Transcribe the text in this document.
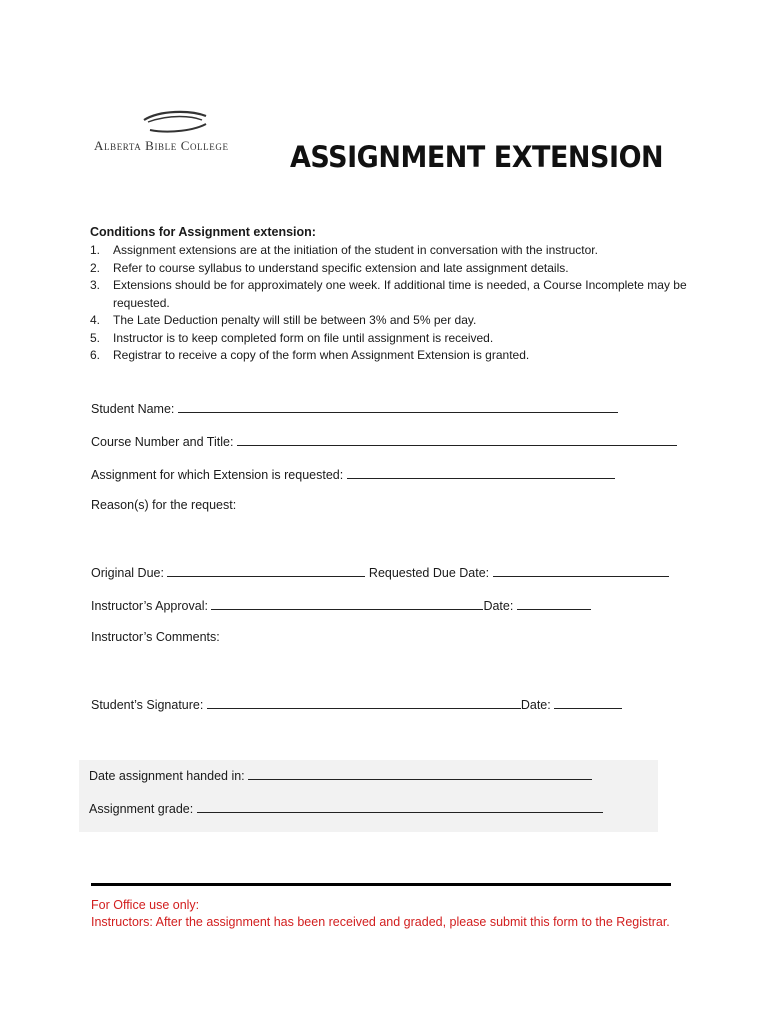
Alberta Bible College ASSIGNMENT EXTENSION
Conditions for Assignment extension:
1. Assignment extensions are at the initiation of the student in conversation with the instructor.
2. Refer to course syllabus to understand specific extension and late assignment details.
3. Extensions should be for approximately one week. If additional time is needed, a Course Incomplete may be requested.
4. The Late Deduction penalty will still be between 3% and 5% per day.
5. Instructor is to keep completed form on file until assignment is received.
6. Registrar to receive a copy of the form when Assignment Extension is granted.
Student Name:
Course Number and Title:
Assignment for which Extension is requested:
Reason(s) for the request:
Original Due:	Requested Due Date:
Instructor’s Approval:	Date:
Instructor’s Comments:
Student’s Signature:	Date:
Date assignment handed in:
Assignment grade:
For Office use only:
Instructors: After the assignment has been received and graded, please submit this form to the Registrar.
